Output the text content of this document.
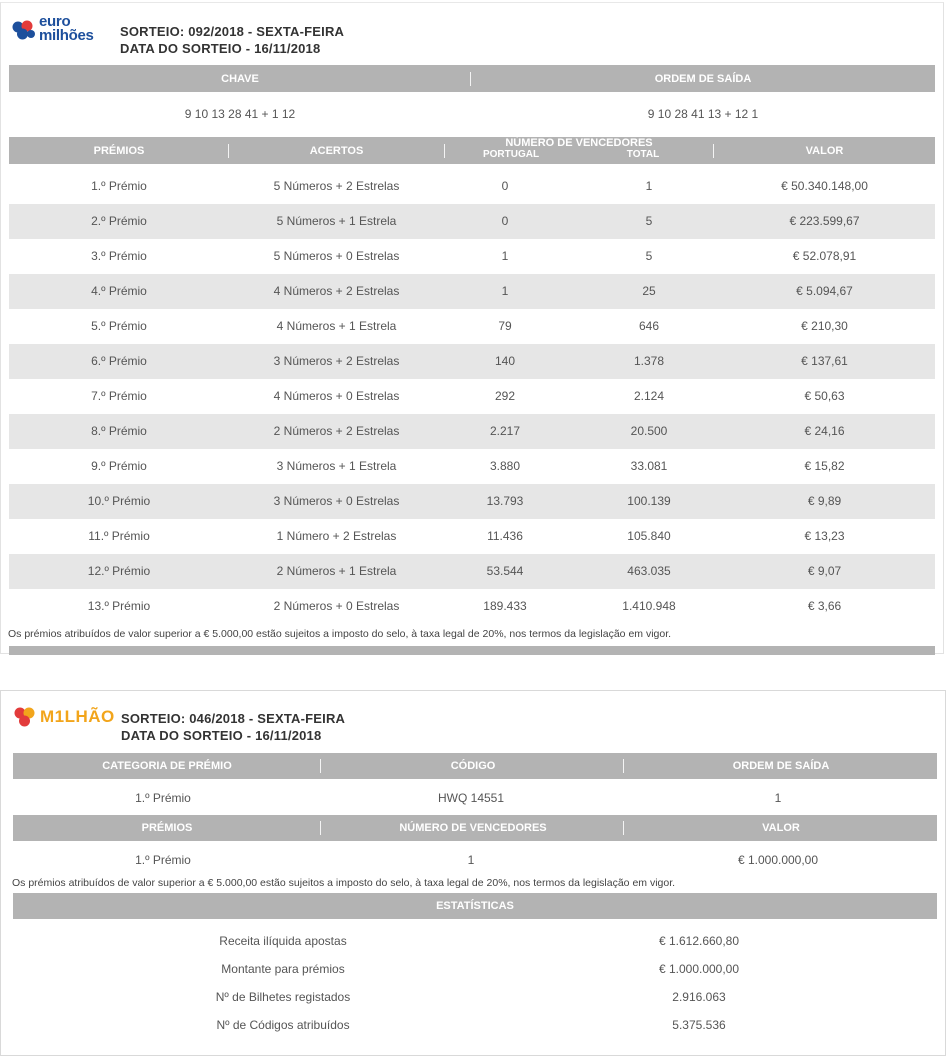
euro
milhões SORTEIO: 092/2018 - SEXTA-FEIRA
DATA DO SORTEIO - 16/11/2018
CHAVE	ORDEM DE SAÍDA
9 10 13 28 41 + 1 12	9 10 28 41 13 + 12 1
PRÉMIOS	ACERTOS
NÚMERO DE VENCEDORES
PORTUGAL	TOTAL	VALOR
1.º Prémio	5 Números + 2 Estrelas	0	1	€ 50.340.148,00
2.º Prémio	5 Números + 1 Estrela	0	5	€ 223.599,67
3.º Prémio	5 Números + 0 Estrelas	1	5	€ 52.078,91
4.º Prémio	4 Números + 2 Estrelas	1	25	€ 5.094,67
5.º Prémio	4 Números + 1 Estrela	79	646	€ 210,30
6.º Prémio	3 Números + 2 Estrelas	140	1.378	€ 137,61
7.º Prémio	4 Números + 0 Estrelas	292	2.124	€ 50,63
8.º Prémio	2 Números + 2 Estrelas	2.217	20.500	€ 24,16
9.º Prémio	3 Números + 1 Estrela	3.880	33.081	€ 15,82
10.º Prémio	3 Números + 0 Estrelas	13.793	100.139	€ 9,89
11.º Prémio	1 Número + 2 Estrelas	11.436	105.840	€ 13,23
12.º Prémio	2 Números + 1 Estrela	53.544	463.035	€ 9,07
13.º Prémio	2 Números + 0 Estrelas	189.433	1.410.948	€ 3,66
Os prémios atribuídos de valor superior a € 5.000,00 estão sujeitos a imposto do selo, à taxa legal de 20%, nos termos da legislação em vigor.
M1LHÃO SORTEIO: 046/2018 - SEXTA-FEIRA
DATA DO SORTEIO - 16/11/2018
CATEGORIA DE PRÉMIO	CÓDIGO	ORDEM DE SAÍDA
1.º Prémio	HWQ 14551	1
PRÉMIOS	NÚMERO DE VENCEDORES	VALOR
1.º Prémio	1	€ 1.000.000,00
Os prémios atribuídos de valor superior a € 5.000,00 estão sujeitos a imposto do selo, à taxa legal de 20%, nos termos da legislação em vigor.
ESTATÍSTICAS
Receita ilíquida apostas	€ 1.612.660,80
Montante para prémios	€ 1.000.000,00
Nº de Bilhetes registados	2.916.063
Nº de Códigos atribuídos	5.375.536
